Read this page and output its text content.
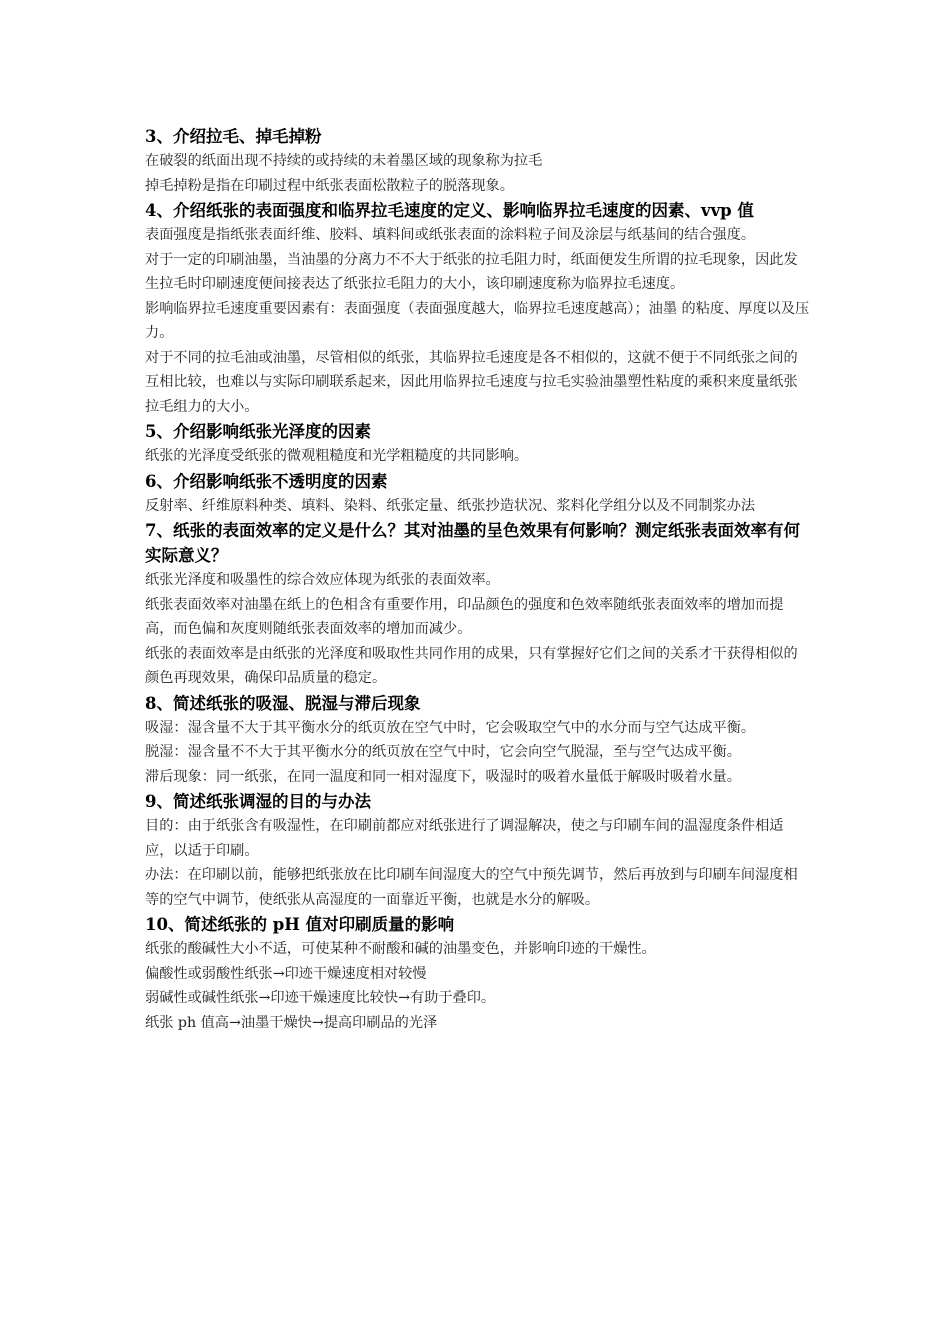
3、介绍拉毛、掉毛掉粉

在破裂的纸面出现不持续的或持续的未着墨区域的现象称为拉毛

掉毛掉粉是指在印刷过程中纸张表面松散粒子的脱落现象。

4、介绍纸张的表面强度和临界拉毛速度的定义、影响临界拉毛速度的因素、vvp 值

表面强度是指纸张表面纤维、胶料、填料间或纸张表面的涂料粒子间及涂层与纸基间的结合强度。

对于一定的印刷油墨，当油墨的分离力不不大于纸张的拉毛阻力时，纸面便发生所谓的拉毛现象，因此发生拉毛时印刷速度便间接表达了纸张拉毛阻力的大小，该印刷速度称为临界拉毛速度。

影响临界拉毛速度重要因素有：表面强度（表面强度越大，临界拉毛速度越高）；油墨 的粘度、厚度以及压力。

对于不同的拉毛油或油墨，尽管相似的纸张，其临界拉毛速度是各不相似的，这就不便于不同纸张之间的互相比较，也难以与实际印刷联系起来，因此用临界拉毛速度与拉毛实验油墨塑性粘度的乘积来度量纸张拉毛组力的大小。

5、介绍影响纸张光泽度的因素

纸张的光泽度受纸张的微观粗糙度和光学粗糙度的共同影响。

6、介绍影响纸张不透明度的因素

反射率、纤维原料种类、填料、染料、纸张定量、纸张抄造状况、浆料化学组分以及不同制浆办法

7、纸张的表面效率的定义是什么？其对油墨的呈色效果有何影响？测定纸张表面效率有何实际意义？

纸张光泽度和吸墨性的综合效应体现为纸张的表面效率。

纸张表面效率对油墨在纸上的色相含有重要作用，印品颜色的强度和色效率随纸张表面效率的增加而提高，而色偏和灰度则随纸张表面效率的增加而减少。

纸张的表面效率是由纸张的光泽度和吸取性共同作用的成果，只有掌握好它们之间的关系才干获得相似的颜色再现效果，确保印品质量的稳定。

8、简述纸张的吸湿、脱湿与滞后现象

吸湿：湿含量不大于其平衡水分的纸页放在空气中时，它会吸取空气中的水分而与空气达成平衡。

脱湿：湿含量不不大于其平衡水分的纸页放在空气中时，它会向空气脱湿，至与空气达成平衡。

滞后现象：同一纸张，在同一温度和同一相对湿度下，吸湿时的吸着水量低于解吸时吸着水量。

9、简述纸张调湿的目的与办法

目的：由于纸张含有吸湿性，在印刷前都应对纸张进行了调湿解决，使之与印刷车间的温湿度条件相适应，以适于印刷。

办法：在印刷以前，能够把纸张放在比印刷车间湿度大的空气中预先调节，然后再放到与印刷车间湿度相等的空气中调节，使纸张从高湿度的一面靠近平衡，也就是水分的解吸。

10、简述纸张的 pH 值对印刷质量的影响

纸张的酸碱性大小不适，可使某种不耐酸和碱的油墨变色，并影响印迹的干燥性。

偏酸性或弱酸性纸张→印迹干燥速度相对较慢

弱碱性或碱性纸张→印迹干燥速度比较快→有助于叠印。

纸张 ph 值高→油墨干燥快→提高印刷品的光泽
